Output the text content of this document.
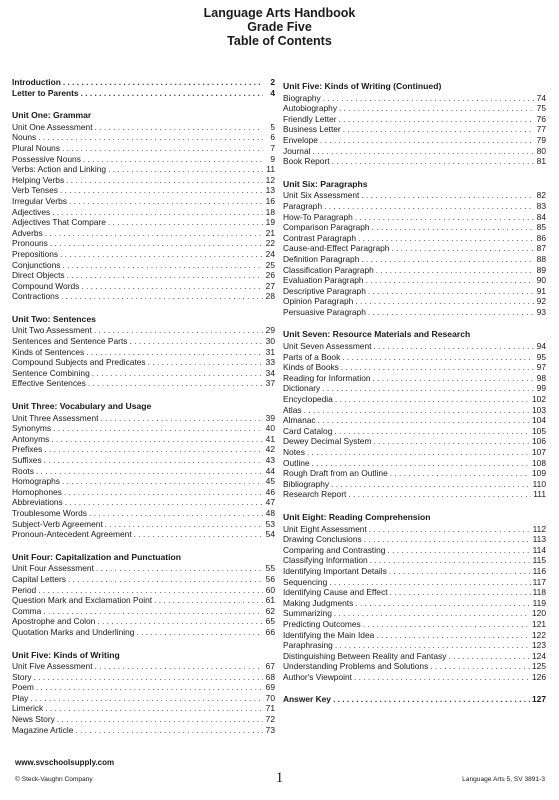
Language Arts Handbook
Grade Five
Table of Contents
Introduction . . .	2
Letter to Parents . . .	4
Unit One: Grammar
Unit One Assessment . . .	5
Nouns . . .	6
Plural Nouns . . .	7
Possessive Nouns . . .	9
Verbs: Action and Linking . . .	11
Helping Verbs . . .	12
Verb Tenses . . .	13
Irregular Verbs . . .	16
Adjectives . . .	18
Adjectives That Compare . . .	19
Adverbs . . .	21
Pronouns . . .	22
Prepositions . . .	24
Conjunctions . . .	25
Direct Objects . . .	26
Compound Words . . .	27
Contractions . . .	28
Unit Two: Sentences
Unit Two Assessment . . .	29
Sentences and Sentence Parts . . .	30
Kinds of Sentences . . .	31
Compound Subjects and Predicates . . .	33
Sentence Combining . . .	34
Effective Sentences . . .	37
Unit Three: Vocabulary and Usage
Unit Three Assessment . . .	39
Synonyms . . .	40
Antonyms . . .	41
Prefixes . . .	42
Suffixes . . .	43
Roots . . .	44
Homographs . . .	45
Homophones . . .	46
Abbreviations . . .	47
Troublesome Words . . .	48
Subject-Verb Agreement . . .	53
Pronoun-Antecedent Agreement . . .	54
Unit Four: Capitalization and Punctuation
Unit Four Assessment . . .	55
Capital Letters . . .	56
Period . . .	60
Question Mark and Exclamation Point . . .	61
Comma . . .	62
Apostrophe and Colon . . .	65
Quotation Marks and Underlining . . .	66
Unit Five: Kinds of Writing
Unit Five Assessment . . .	67
Story . . .	68
Poem . . .	69
Play . . .	70
Limerick . . .	71
News Story . . .	72
Magazine Article . . .	73
Unit Five: Kinds of Writing (Continued)
Biography . . .	74
Autobiography . . .	75
Friendly Letter . . .	76
Business Letter . . .	77
Envelope . . .	79
Journal . . .	80
Book Report . . .	81
Unit Six: Paragraphs
Unit Six Assessment . . .	82
Paragraph . . .	83
How-To Paragraph . . .	84
Comparison Paragraph . . .	85
Contrast Paragraph . . .	86
Cause-and-Effect Paragraph . . .	87
Definition Paragraph . . .	88
Classification Paragraph . . .	89
Evaluation Paragraph . . .	90
Descriptive Paragraph . . .	91
Opinion Paragraph . . .	92
Persuasive Paragraph . . .	93
Unit Seven: Resource Materials and Research
Unit Seven Assessment . . .	94
Parts of a Book . . .	95
Kinds of Books . . .	97
Reading for Information . . .	98
Dictionary . . .	99
Encyclopedia . . .	102
Atlas . . .	103
Almanac . . .	104
Card Catalog . . .	105
Dewey Decimal System . . .	106
Notes . . .	107
Outline . . .	108
Rough Draft from an Outline . . .	109
Bibliography . . .	110
Research Report . . .	111
Unit Eight: Reading Comprehension
Unit Eight Assessment . . .	112
Drawing Conclusions . . .	113
Comparing and Contrasting . . .	114
Classifying Information . . .	115
Identifying Important Details . . .	116
Sequencing . . .	117
Identifying Cause and Effect . . .	118
Making Judgments . . .	119
Summarizing . . .	120
Predicting Outcomes . . .	121
Identifying the Main Idea . . .	122
Paraphrasing . . .	123
Distinguishing Between Reality and Fantasy . . .	124
Understanding Problems and Solutions . . .	125
Author's Viewpoint . . .	126
Answer Key . . .	127
www.svschoolsupply.com
© Steck-Vaughn Company	1	Language Arts 5, SV 3891-3
